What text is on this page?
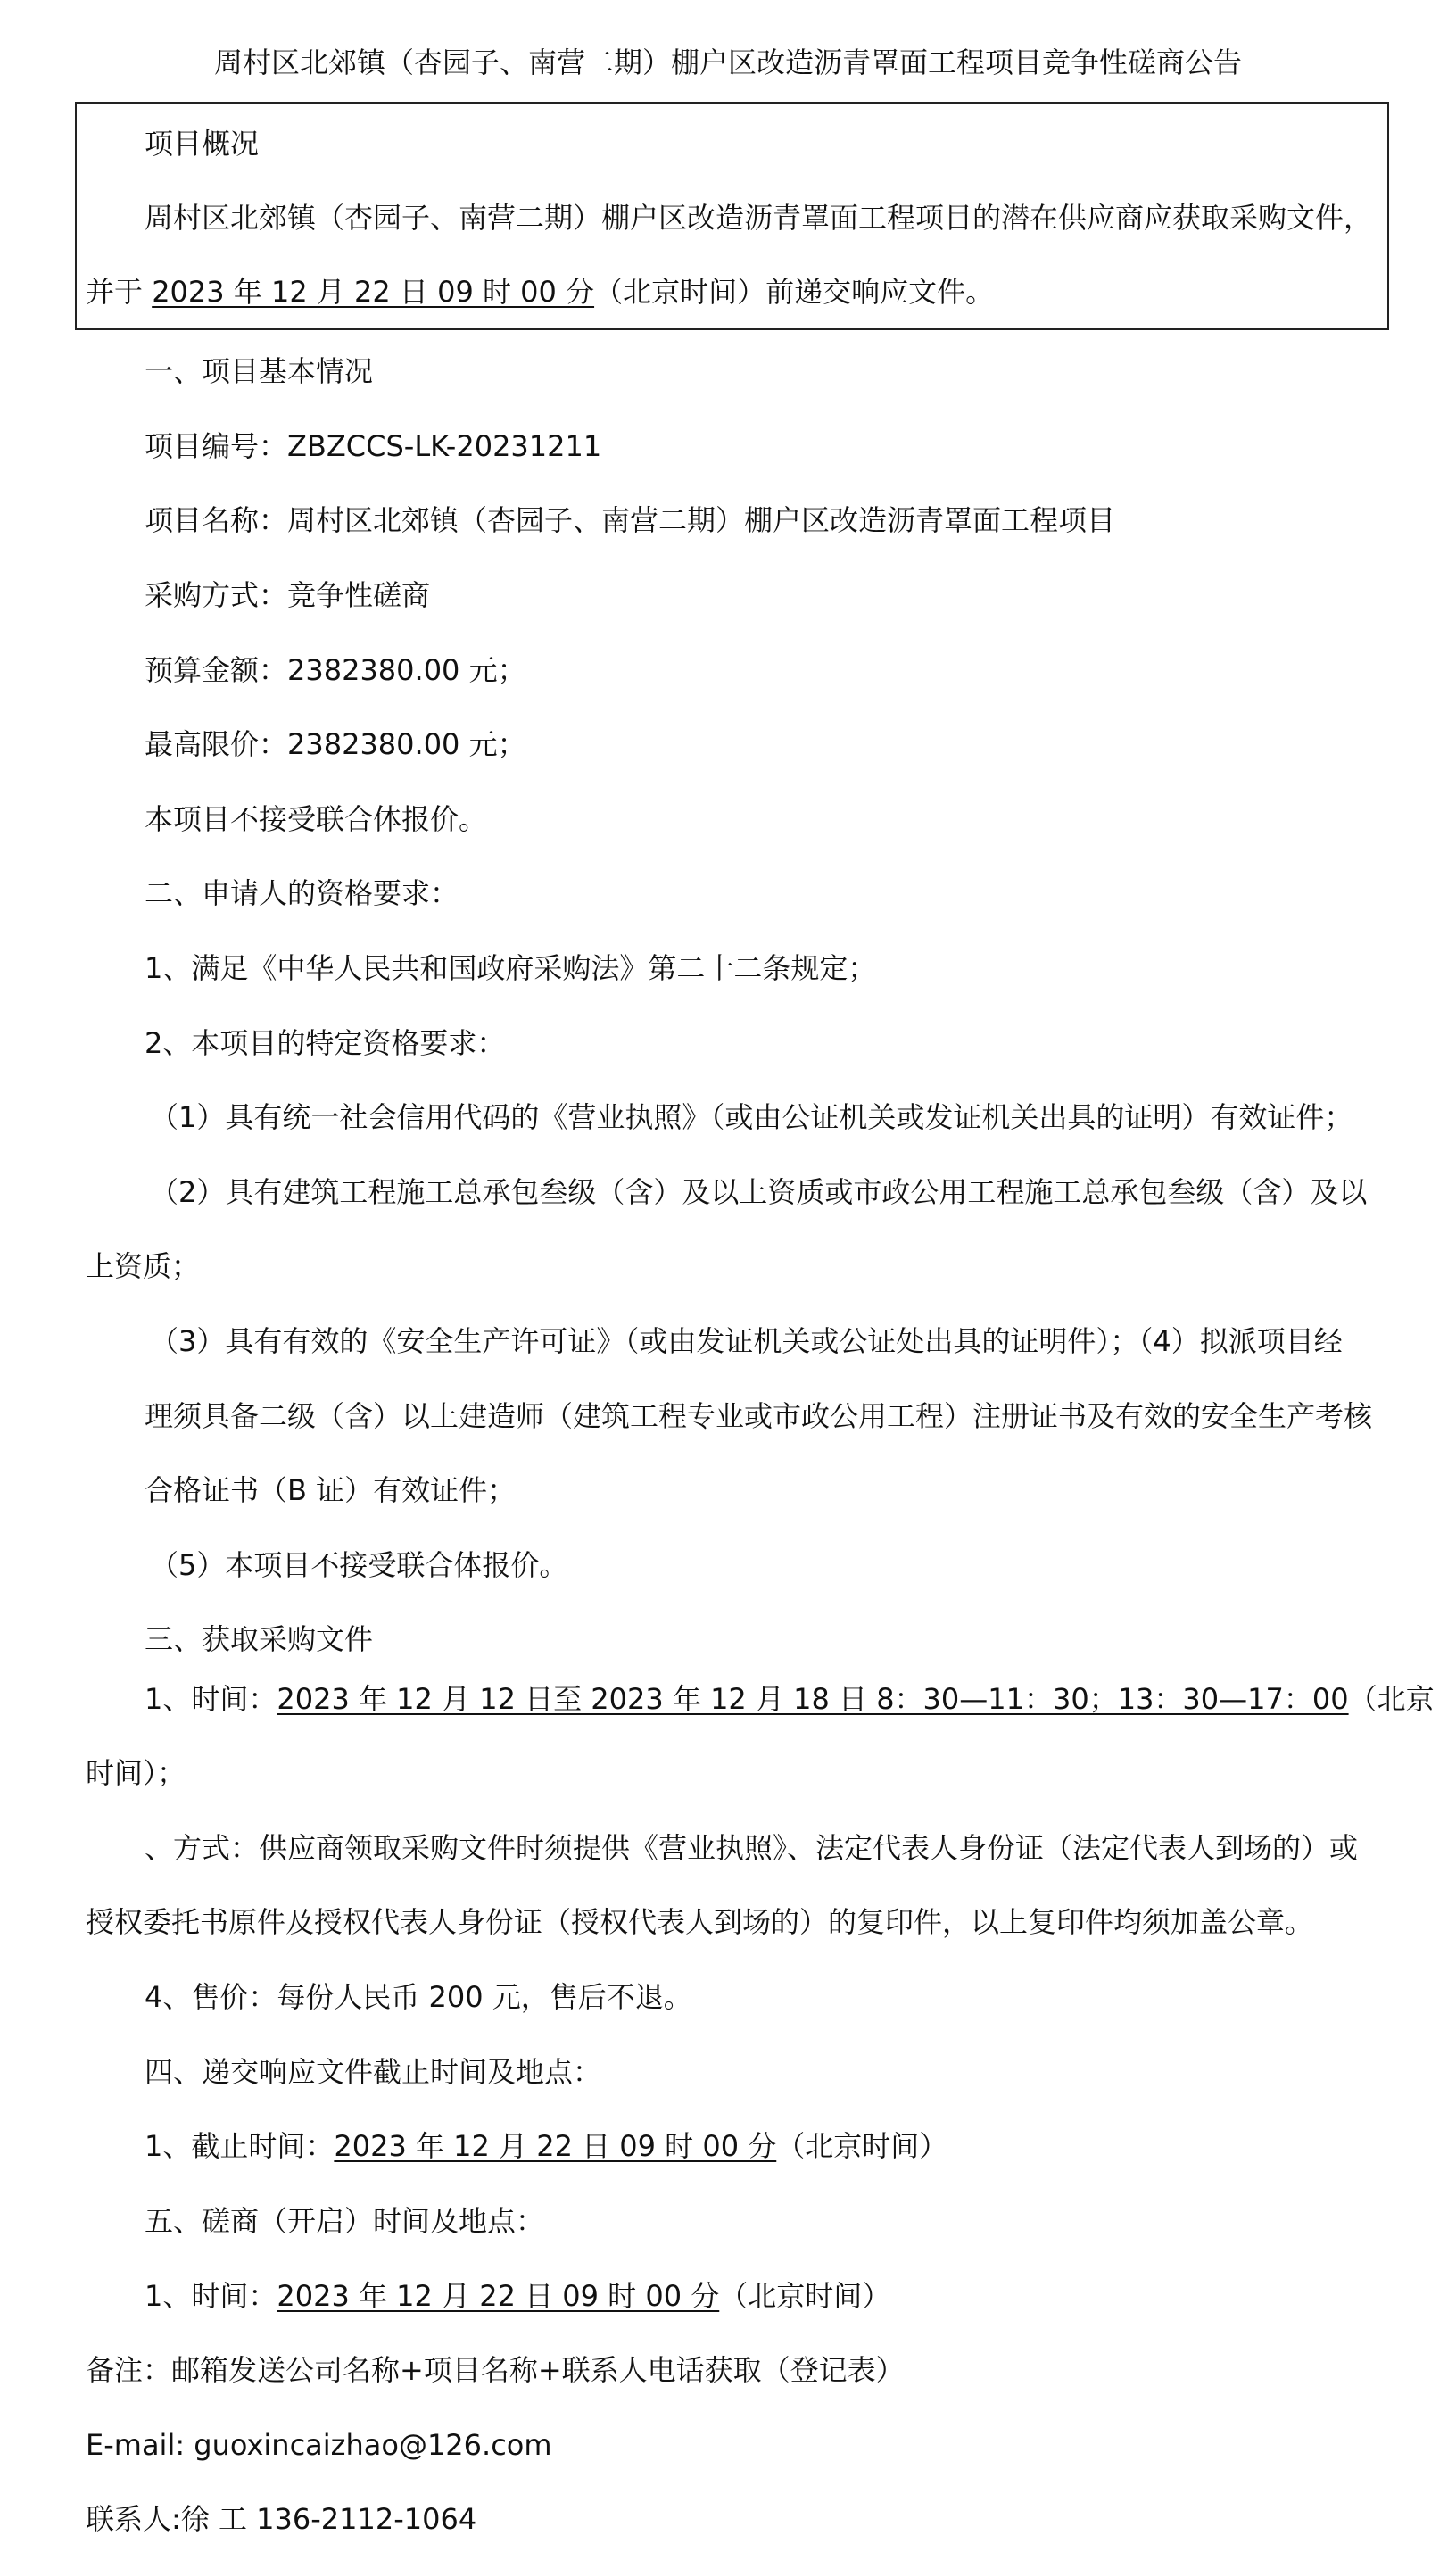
周村区北郊镇（杏园子、南营二期）棚户区改造沥青罩面工程项目竞争性磋商公告
项目概况
周村区北郊镇（杏园子、南营二期）棚户区改造沥青罩面工程项目的潜在供应商应获取采购文件，
并于 2023 年 12 月 22 日 09 时 00 分（北京时间）前递交响应文件。
一、项目基本情况
项目编号：ZBZCCS-LK-20231211
项目名称：周村区北郊镇（杏园子、南营二期）棚户区改造沥青罩面工程项目
采购方式：竞争性磋商
预算金额：2382380.00 元；
最高限价：2382380.00 元；
本项目不接受联合体报价。
二、申请人的资格要求：
1、满足《中华人民共和国政府采购法》第二十二条规定；
2、本项目的特定资格要求：
（1）具有统一社会信用代码的《营业执照》（或由公证机关或发证机关出具的证明）有效证件；
（2）具有建筑工程施工总承包叁级（含）及以上资质或市政公用工程施工总承包叁级（含）及以
上资质；
（3）具有有效的《安全生产许可证》（或由发证机关或公证处出具的证明件）；（4）拟派项目经
理须具备二级（含）以上建造师（建筑工程专业或市政公用工程）注册证书及有效的安全生产考核
合格证书（B 证）有效证件；
（5）本项目不接受联合体报价。
三、获取采购文件
1、时间：2023 年 12 月 12 日至 2023 年 12 月 18 日 8：30—11：30；13：30—17：00（北京
时间）；
、方式：供应商领取采购文件时须提供《营业执照》、法定代表人身份证（法定代表人到场的）或
授权委托书原件及授权代表人身份证（授权代表人到场的）的复印件，以上复印件均须加盖公章。
4、售价：每份人民币 200 元，售后不退。
四、递交响应文件截止时间及地点：
1、截止时间：2023 年 12 月 22 日 09 时 00 分（北京时间）
五、磋商（开启）时间及地点：
1、时间：2023 年 12 月 22 日 09 时 00 分（北京时间）
备注：邮箱发送公司名称+项目名称+联系人电话获取（登记表）
E-mail: guoxincaizhao@126.com
联系人:徐 工 136-2112-1064
